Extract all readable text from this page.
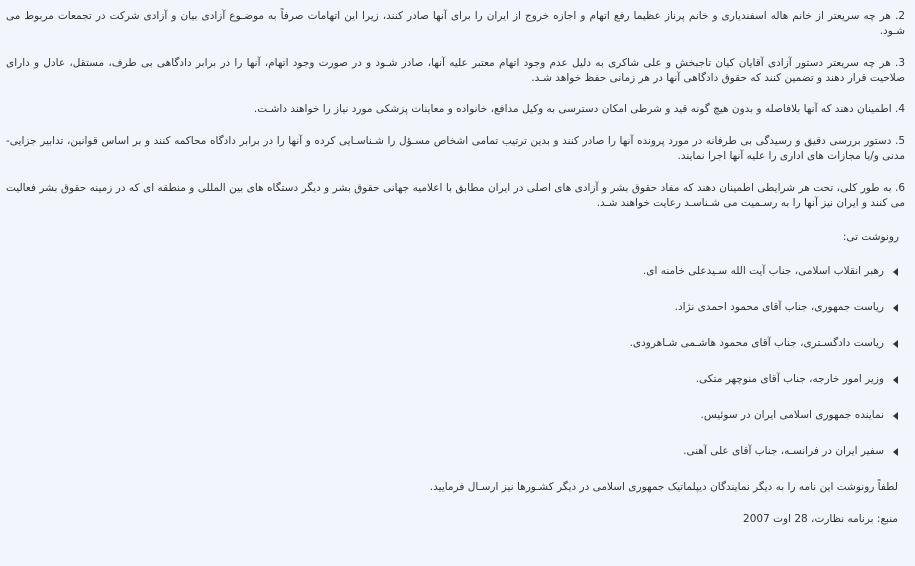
2. هر چه سريعتر از خانم هاله اسفنديارى و خانم پرناز عظيما رفع اتهام و اجازه خروج از ايران را براى آنها صادر كنند، زيرا اين اتهامات صرفاً به موضـوع آزادى بيان و آزادى شركت در تجمعات مربوط مى شـود.

3. هر چه سريعتر دستور آزادى آقايان كيان تاجبخش و على شاكرى به دليل عدم وجود اتهام معتبر عليه آنها، صادر شـود و در صورت وجود اتهام، آنها را در برابر دادگاهى بى طرف، مستقل، عادل و داراى صلاحيت قرار دهند و تضمين كنند كه حقوق دادگاهى آنها در هر زمانى حفظ خواهد شـد.

4. اطمينان دهند كه آنها بلافاصله و بدون هيچ گونه قيد و شرطى امكان دسترسى به وكيل مدافع، خانواده و معاينات پزشكى مورد نياز را خواهند داشـت.

5. دستور بررسى دقيق و رسيدگى بى طرفانه در مورد پرونده آنها را صادر كنند و بدين ترتيب تمامى اشخاص مسـؤل را شـناسـايى كرده و آنها را در برابر دادگاه محاكمه كنند و بر اساس قوانين، تدابير جزايى-مدنى و/يا مجازات هاى ادارى را عليه آنها اجرا نمايند.

6. به طور كلى، تحت هر شرايطى اطمينان دهند كه مفاد حقوق بشر و آزادى هاى اصلى در ايران مطابق با اعلاميه جهانى حقوق بشر و ديگر دستگاه هاى بين المللى و منطقه اى كه در زمينه حقوق بشر فعاليت مى كنند و ايران نيز آنها را به رسـميت مى شـناسـد رعايت خواهند شـد.

رونوشت تی:

رهبر انقلاب اسلامى، جناب آيت الله سـيدعلى خامنه اى.
رياست جمهورى، جناب آقاى محمود احمدى نژاد.
رياست دادگسـترى، جناب آقاى محمود هاشـمى شـاهرودى.
وزير امور خارجه، جناب آقاى منوچهر متكى.
نماينده جمهورى اسلامى ايران در سوئيس.
سفير ايران در فرانسـه، جناب آقاى على آهنى.

لطفاً رونوشت اين نامه را به ديگر نمايندگان ديپلماتيک جمهورى اسلامى در ديگر كشـورها نيز ارسـال فرماييد.

منبع: برنامه نظارت، 28 اوت 2007
